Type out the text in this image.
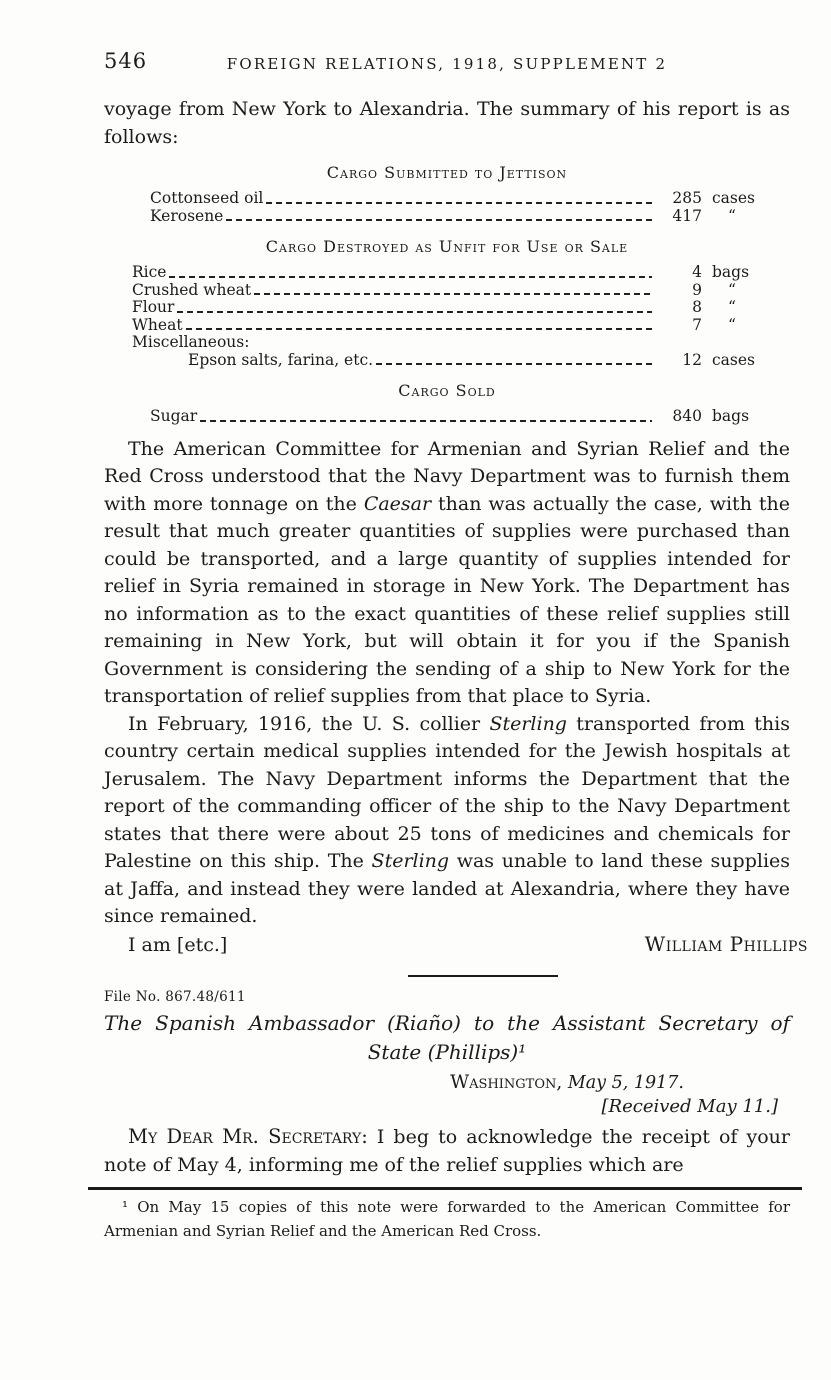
546	FOREIGN RELATIONS, 1918, SUPPLEMENT 2

voyage from New York to Alexandria. The summary of his report is as follows:

Cargo Submitted to Jettison
Cottonseed oil	285 cases
Kerosene	417	“
Cargo Destroyed as Unfit for Use or Sale
Rice	4 bags
Crushed wheat	9	“
Flour	8	“
Wheat	7	“
Miscellaneous:
Epson salts, farina, etc.	12 cases
Cargo Sold
Sugar	840 bags

The American Committee for Armenian and Syrian Relief and the Red Cross understood that the Navy Department was to furnish them with more tonnage on the Caesar than was actually the case, with the result that much greater quantities of supplies were purchased than could be transported, and a large quantity of supplies intended for relief in Syria remained in storage in New York. The Department has no information as to the exact quantities of these relief supplies still remaining in New York, but will obtain it for you if the Spanish Government is considering the sending of a ship to New York for the transportation of relief supplies from that place to Syria.

In February, 1916, the U. S. collier Sterling transported from this country certain medical supplies intended for the Jewish hospitals at Jerusalem. The Navy Department informs the Department that the report of the commanding officer of the ship to the Navy Department states that there were about 25 tons of medicines and chemicals for Palestine on this ship. The Sterling was unable to land these supplies at Jaffa, and instead they were landed at Alexandria, where they have since remained.

I am [etc.]	William Phillips
File No. 867.48/611
The Spanish Ambassador (Riaño) to the Assistant Secretary of
State (Phillips)¹
Washington, May 5, 1917.
[Received May 11.]

My Dear Mr. Secretary: I beg to acknowledge the receipt of your note of May 4, informing me of the relief supplies which are

¹ On May 15 copies of this note were forwarded to the American Committee for Armenian and Syrian Relief and the American Red Cross.
